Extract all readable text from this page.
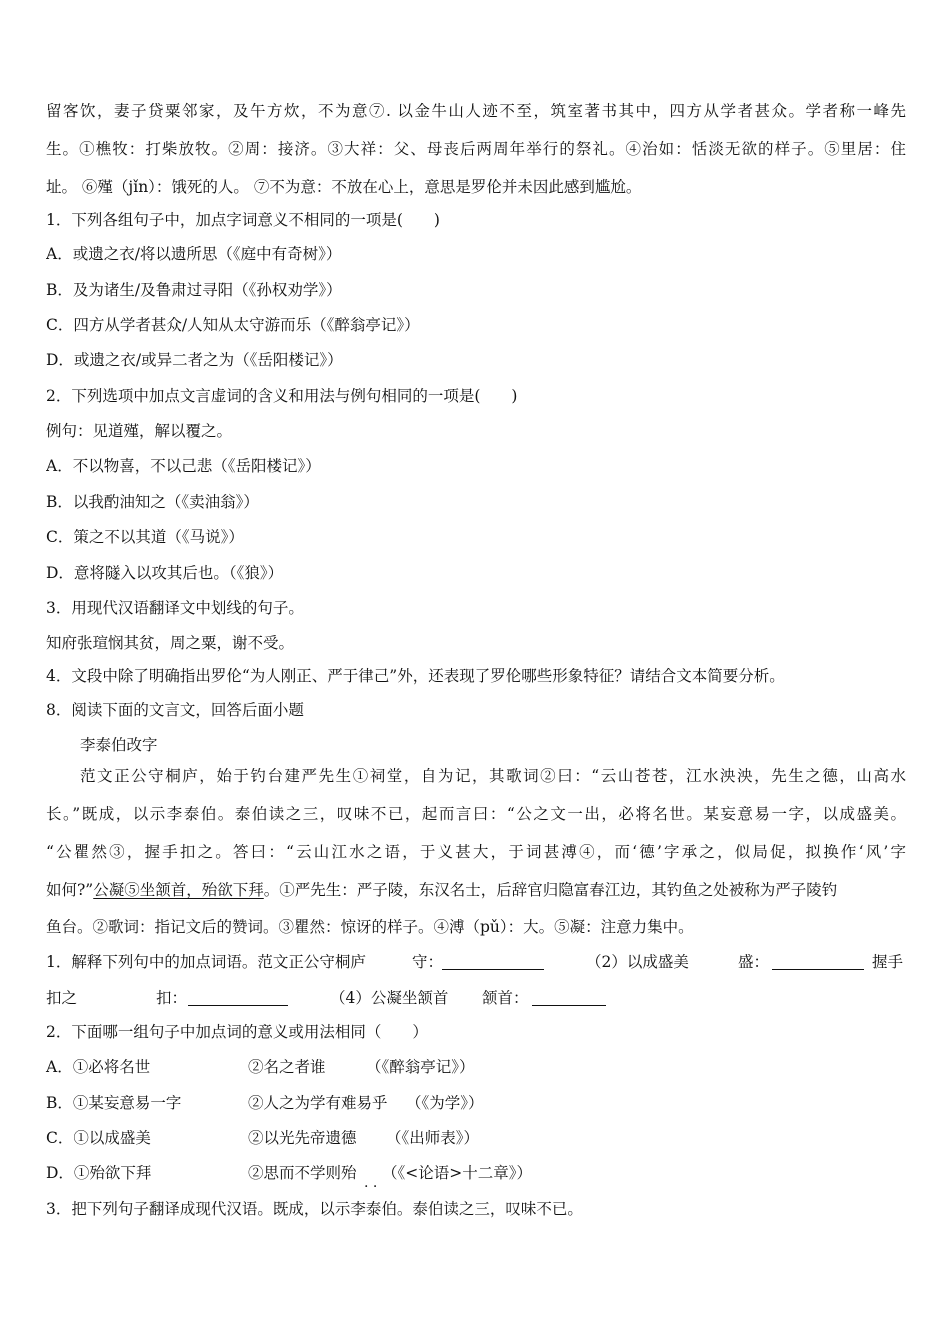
留客饮，妻子贷粟邻家，及午方炊，不为意⑦. 以金牛山人迹不至，筑室著书其中，四方从学者甚众。学者称一峰先
生。①樵牧：打柴放牧。②周：接济。③大祥：父、母丧后两周年举行的祭礼。④治如：恬淡无欲的样子。⑤里居：住
址。 ⑥殣（jǐn）：饿死的人。 ⑦不为意：不放在心上，意思是罗伦并未因此感到尴尬。
1．下列各组句子中，加点字词意义不相同的一项是(　　)
A．或遗之衣/将以遗所思（《庭中有奇树》）
B．及为诸生/及鲁肃过寻阳（《孙权劝学》）
C．四方从学者甚众/人知从太守游而乐（《醉翁亭记》）
D．或遗之衣/或异二者之为（《岳阳楼记》）
2．下列选项中加点文言虚词的含义和用法与例句相同的一项是(　　)
例句：见道殣，解以覆之。
A．不以物喜，不以己悲（《岳阳楼记》）
B．以我酌油知之（《卖油翁》）
C．策之不以其道（《马说》）
D．意将隧入以攻其后也。（《狼》）
3．用现代汉语翻译文中划线的句子。
知府张瑄悯其贫，周之粟，谢不受。
4．文段中除了明确指出罗伦“为人刚正、严于律己”外，还表现了罗伦哪些形象特征？请结合文本简要分析。
8．阅读下面的文言文，回答后面小题
李泰伯改字
范文正公守桐庐，始于钓台建严先生①祠堂，自为记，其歌词②曰：“云山苍苍，江水泱泱，先生之德，山高水
长。”既成，以示李泰伯。泰伯读之三，叹味不已，起而言曰：“公之文一出，必将名世。某妄意易一字，以成盛美。
“公瞿然③，握手扣之。答曰：“云山江水之语，于义甚大，于词甚溥④，而‘德’字承之，似局促，拟换作‘风’字
如何?”公凝⑤坐颔首，殆欲下拜。①严先生：严子陵，东汉名士，后辞官归隐富春江边，其钓鱼之处被称为严子陵钓
鱼台。②歌词：指记文后的赞词。③瞿然：惊讶的样子。④溥（pǔ）：大。⑤凝：注意力集中。
1．解释下列句中的加点词语。范文正公守桐庐	守：	（2）以成盛美	盛：	握手
扣之	扣：	（4）公凝坐颔首 颔首：
2．下面哪一组句子中加点词的意义或用法相同（　　）
A．①必将名世	②名之者谁	（《醉翁亭记》）
B．①某妄意易一字	②人之为学有难易乎 （《为学》）
C．①以成盛美	②以光先帝遗德 （《出师表》）
D．①殆欲下拜	②思而不学则殆
. .
（《<论语>十二章》）
3．把下列句子翻译成现代汉语。既成，以示李泰伯。泰伯读之三，叹味不已。
